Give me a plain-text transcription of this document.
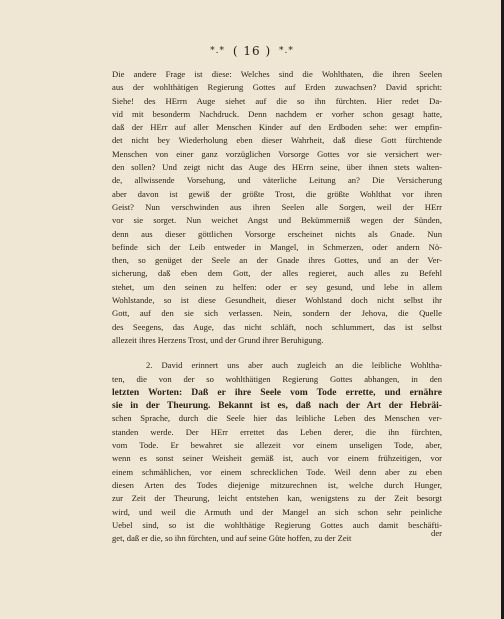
*.* ( 16 ) *.*
Die andere Frage ist diese: Welches sind die Wohlthaten, die ihren Seelen
aus der wohlthätigen Regierung Gottes auf Erden zuwachsen? David spricht:
Siehe! des HErrn Auge siehet auf die so ihn fürchten. Hier redet Da-
vid mit besonderm Nachdruck. Denn nachdem er vorher schon gesagt hatte,
daß der HErr auf aller Menschen Kinder auf den Erdboden sehe: wer empfin-
det nicht bey Wiederholung eben dieser Wahrheit, daß diese Gott fürchtende
Menschen von einer ganz vorzüglichen Vorsorge Gottes vor sie versichert wer-
den sollen? Und zeigt nicht das Auge des HErrn seine, über ihnen stets walten-
de, allwissende Vorsehung, und väterliche Leitung an? Die Versicherung
aber davon ist gewiß der größte Trost, die größte Wohlthat vor ihren
Geist? Nun verschwinden aus ihren Seelen alle Sorgen, weil der HErr
vor sie sorget. Nun weichet Angst und Bekümmerniß wegen der Sünden,
denn aus dieser göttlichen Vorsorge erscheinet nichts als Gnade. Nun
befinde sich der Leib entweder in Mangel, in Schmerzen, oder andern Nö-
then, so genüget der Seele an der Gnade ihres Gottes, und an der Ver-
sicherung, daß eben dem Gott, der alles regieret, auch alles zu Befehl
stehet, um den seinen zu helfen: oder er sey gesund, und lebe in allem
Wohlstande, so ist diese Gesundheit, dieser Wohlstand doch nicht selbst ihr
Gott, auf den sie sich verlassen. Nein, sondern der Jehova, die Quelle
des Seegens, das Auge, das nicht schläft, noch schlummert, das ist selbst
allezeit ihres Herzens Trost, und der Grund ihrer Beruhigung.
2. David erinnert uns aber auch zugleich an die leibliche Wohltha-
ten, die von der so wohlthätigen Regierung Gottes abhangen, in den
letzten Worten: Daß er ihre Seele vom Tode errette, und ernähre
sie in der Theurung. Bekannt ist es, daß nach der Art der Hebräi-
schen Sprache, durch die Seele hier das leibliche Leben des Menschen ver-
standen werde. Der HErr errettet das Leben derer, die ihn fürchten,
vom Tode. Er bewahret sie allezeit vor einem unseligen Tode, aber,
wenn es sonst seiner Weisheit gemäß ist, auch vor einem frühzeitigen, vor
einem schmählichen, vor einem schrecklichen Tode. Weil denn aber zu eben
diesen Arten des Todes diejenige mitzurechnen ist, welche durch Hunger,
zur Zeit der Theurung, leicht entstehen kan, wenigstens zu der Zeit besorgt
wird, und weil die Armuth und der Mangel an sich schon sehr peinliche
Uebel sind, so ist die wohlthätige Regierung Gottes auch damit beschäfti-
get, daß er die, so ihn fürchten, und auf seine Güte hoffen, zu der Zeit
der
